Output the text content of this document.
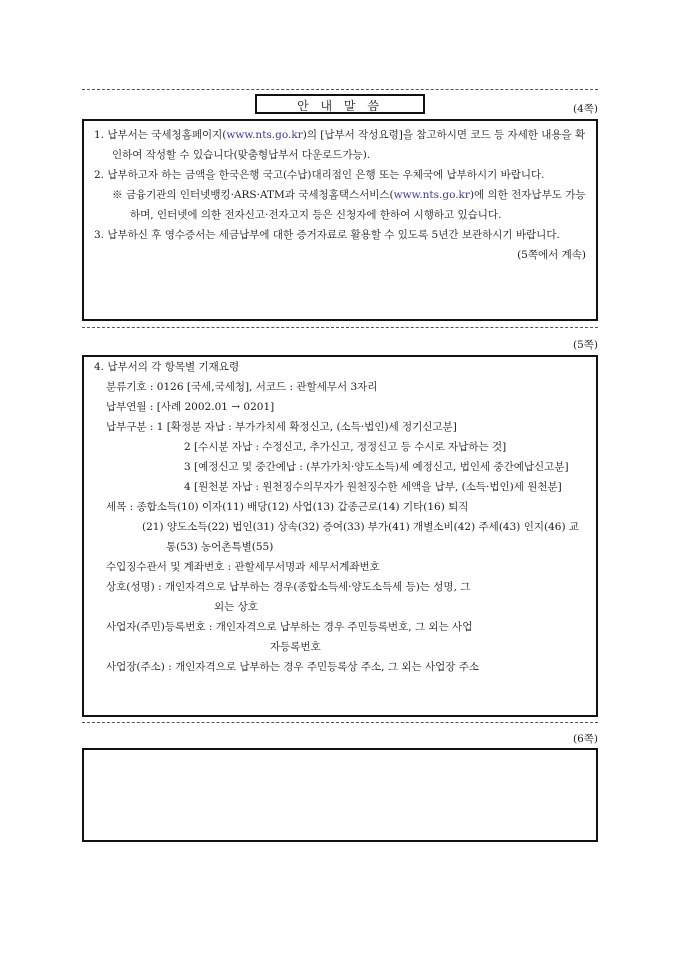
안 내 말 씀	(4쪽)

1. 납부서는 국세청홈페이지(www.nts.go.kr)의 [납부서 작성요령]을 참고하시면 코드 등 자세한 내용을 확인하여 작성할 수 있습니다(맞춤형납부서 다운로드가능).

2. 납부하고자 하는 금액을 한국은행 국고(수납)대리점인 은행 또는 우체국에 납부하시기 바랍니다.

※ 금융기관의 인터넷뱅킹·ARS·ATM과 국세청홈택스서비스(www.nts.go.kr)에 의한 전자납부도 가능하며, 인터넷에 의한 전자신고·전자고지 등은 신청자에 한하여 시행하고 있습니다.

3. 납부하신 후 영수증서는 세금납부에 대한 증거자료로 활용할 수 있도록 5년간 보관하시기 바랍니다.

(5쪽에서 계속)

(5쪽)

4. 납부서의 각 항목별 기재요령

분류기호 : 0126 [국세,국세청], 서코드 : 관할세무서 3자리

납부연월 : [사례 2002.01 → 0201]

납부구분 : 1 [확정분 자납 : 부가가치세 확정신고, (소득·법인)세 정기신고분]

2 [수시분 자납 : 수정신고, 추가신고, 정정신고 등 수시로 자납하는 것]

3 [예정신고 및 중간예납 : (부가가치·양도소득)세 예정신고, 법인세 중간예납신고분]

4 [원천분 자납 : 원천징수의무자가 원천징수한 세액을 납부, (소득·법인)세 원천분]

세목 : 종합소득(10) 이자(11) 배당(12) 사업(13) 갑종근로(14) 기타(16) 퇴직

(21) 양도소득(22) 법인(31) 상속(32) 증여(33) 부가(41) 개별소비(42) 주세(43) 인지(46) 교통(53) 농어촌특별(55)

수입징수관서 및 계좌번호 : 관할세무서명과 세무서계좌번호

상호(성명) : 개인자격으로 납부하는 경우(종합소득세·양도소득세 등)는 성명, 그

외는 상호

사업자(주민)등록번호 : 개인자격으로 납부하는 경우 주민등록번호, 그 외는 사업

자등록번호

사업장(주소) : 개인자격으로 납부하는 경우 주민등록상 주소, 그 외는 사업장 주소

(6쪽)
